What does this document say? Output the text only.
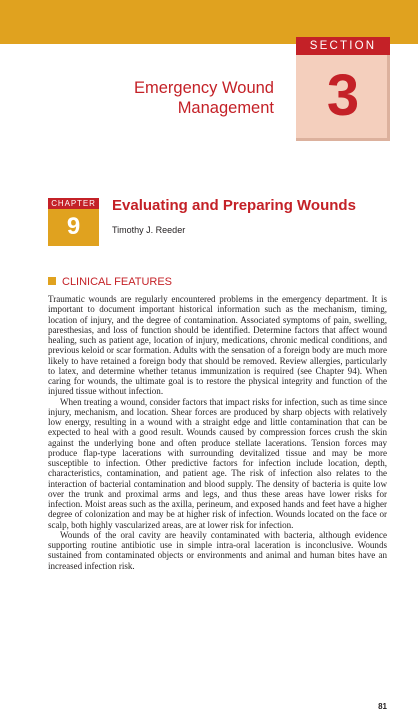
SECTION
3
Emergency Wound
Management
CHAPTER
9
Evaluating and Preparing Wounds
Timothy J. Reeder
CLINICAL FEATURES

Traumatic wounds are regularly encountered problems in the emergency department. It is important to document important historical information such as the mechanism, timing, location of injury, and the degree of contamination. Associated symptoms of pain, swelling, paresthesias, and loss of function should be identified. Determine factors that affect wound healing, such as patient age, location of injury, medications, chronic medical conditions, and previous keloid or scar formation. Adults with the sensation of a foreign body are much more likely to have retained a foreign body that should be removed. Review allergies, particularly to latex, and determine whether tetanus immunization is required (see Chapter 94). When caring for wounds, the ultimate goal is to restore the physical integrity and function of the injured tissue without infection.

When treating a wound, consider factors that impact risks for infection, such as time since injury, mechanism, and location. Shear forces are produced by sharp objects with relatively low energy, resulting in a wound with a straight edge and little contamination that can be expected to heal with a good result. Wounds caused by compression forces crush the skin against the underlying bone and often produce stellate lacerations. Tension forces may produce flap-type lacerations with surrounding devitalized tissue and may be more susceptible to infection. Other predictive factors for infection include location, depth, characteristics, contamination, and patient age. The risk of infection also relates to the interaction of bacterial contamination and blood supply. The density of bacteria is quite low over the trunk and proximal arms and legs, and thus these areas have lower risks for infection. Moist areas such as the axilla, perineum, and exposed hands and feet have a higher degree of colonization and may be at higher risk of infection. Wounds located on the face or scalp, both highly vascularized areas, are at lower risk for infection.

Wounds of the oral cavity are heavily contaminated with bacteria, although evidence supporting routine antibiotic use in simple intra-oral laceration is inconclusive. Wounds sustained from contaminated objects or environments and animal and human bites have an increased infection risk.

81
